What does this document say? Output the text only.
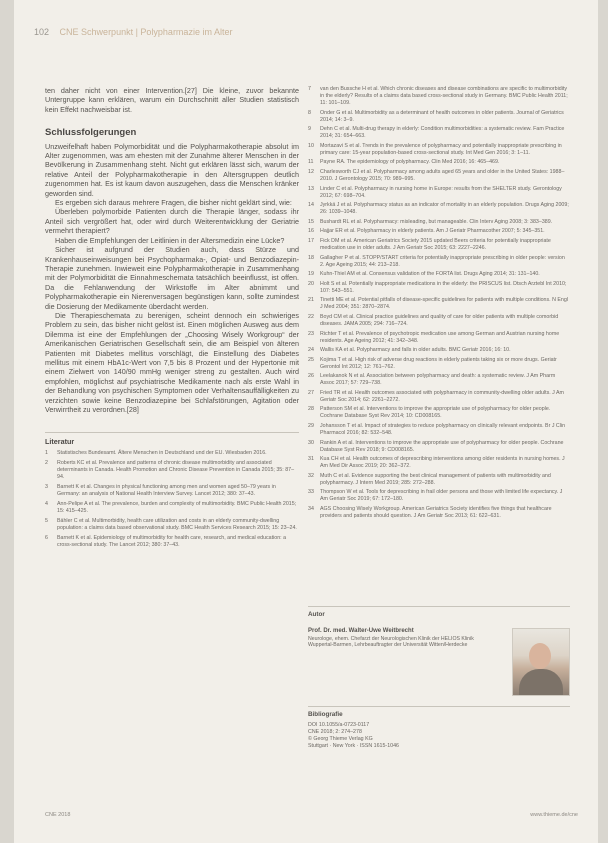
102 CNE Schwerpunkt | Polypharmazie im Alter

ten daher nicht von einer Intervention.[27] Die kleine, zuvor bekannte Untergruppe kann erklären, warum ein Durchschnitt aller Studien statistisch kein Effekt nachweisbar ist.

Schlussfolgerungen

Unzweifelhaft haben Polymorbidität und die Polypharmakotherapie absolut im Alter zugenommen, was am ehesten mit der Zunahme älterer Menschen in der Bevölkerung in Zusammenhang steht. Nicht gut erklären lässt sich, warum der relative Anteil der Polypharmakotherapie in den Altersgruppen deutlich zugenommen hat. Es ist kaum davon auszugehen, dass die Menschen kränker geworden sind.

Es ergeben sich daraus mehrere Fragen, die bisher nicht geklärt sind, wie:

Überleben polymorbide Patienten durch die Therapie länger, sodass ihr Anteil sich vergrößert hat, oder wird durch Weiterentwicklung der Geriatrie vermehrt therapiert?

Haben die Empfehlungen der Leitlinien in der Altersmedizin eine Lücke?

Sicher ist aufgrund der Studien auch, dass Stürze und Krankenhauseinweisungen bei Psychopharmaka-, Opiat- und Benzodiazepin-Therapie zunehmen. Inwieweit eine Polypharmakotherapie in Zusammenhang mit der Polymorbidität die Einnahmeschemata tatsächlich beeinflusst, ist offen. Da die Fehlanwendung der Wirkstoffe im Alter abnimmt und Polypharmakotherapie ein Nierenversagen begünstigen kann, sollte zumindest die Dosierung der Medikamente überdacht werden.

Die Therapieschemata zu berenigen, scheint dennoch ein schwieriges Problem zu sein, das bisher nicht gelöst ist. Einen möglichen Ausweg aus dem Dilemma ist eine der Empfehlungen der „Choosing Wisely Workgroup“ der Amerikanischen Geriatrischen Gesellschaft sein, die am Beispiel von älteren Patienten mit Diabetes mellitus vorschlägt, die Einstellung des Diabetes mellitus mit einem HbA1c-Wert von 7,5 bis 8 Prozent und der Hypertonie mit einem Zielwert von 140/90 mmHg weniger streng zu gestalten. Auch wird empfohlen, möglichst auf psychiatrische Medikamente nach als erste Wahl in der Behandlung von psychischen Symptomen oder Verhaltensauffälligkeiten zu verzichten sowie keine Benzodiazepine bei Schlafstörungen, Agitation oder Verwirrtheit zu verordnen.[28]

Literatur
1 Statistisches Bundesamt. Ältere Menschen in Deutschland und der EU. Wiesbaden 2016.
2 Roberts KC et al. Prevalence and patterns of chronic disease multimorbidity and associated determinants in Canada. Health Promotion and Chronic Disease Prevention in Canada 2015; 35: 87–94.
3 Barnett K et al. Changes in physical functioning among men and women aged 50–79 years in Germany: an analysis of National Health Interview Survey. Lancet 2012; 380: 37–43.
4 Ann-Pelipe A et al. The prevalence, burden and complexity of multimorbidity. BMC Public Health 2015; 15: 415–425.
5 Bähler C et al. Multimorbidity, health care utilization and costs in an elderly community-dwelling population: a claims data based observational study. BMC Health Services Research 2015; 15: 23–24.
6 Barnett K et al. Epidemiology of multimorbidity for health care, research, and medical education: a cross-sectional study. The Lancet 2012; 380: 37–43.
7 van den Bussche H et al. Which chronic diseases and disease combinations are specific to multimorbidity in the elderly? Results of a claims data based cross-sectional study in Germany. BMC Public Health 2011; 11: 101–109.
8 Onder G et al. Multimorbidity as a determinant of health outcomes in older patients. Journal of Geriatrics 2014; 14: 3–9.
9 Dehn C et al. Multi-drug therapy in elderly: Condition multimorbidities: a systematic review. Fam Practice 2014; 31: 654–663.
10 Mortazavi S et al. Trends in the prevalence of polypharmacy and potentially inappropriate prescribing in primary care: 15-year population-based cross-sectional study. Int Med Gen 2016; 3: 1–11.
11 Payne RA. The epidemiology of polypharmacy. Clin Med 2016; 16: 465–469.
12 Charlesworth CJ et al. Polypharmacy among adults aged 65 years and older in the United States: 1988–2010. J Gerontology 2015; 70: 989–995.
13 Linder C et al. Polypharmacy in nursing home in Europe: results from the SHELTER study. Gerontology 2012; 67: 698–704.
14 Jyrkkä J et al. Polypharmacy status as an indicator of mortality in an elderly population. Drugs Aging 2009; 26: 1039–1048.
15 Bushardt RL et al. Polypharmacy: misleading, but manageable. Clin Interv Aging 2008; 3: 383–389.
16 Hajjar ER et al. Polypharmacy in elderly patients. Am J Geriatr Pharmacother 2007; 5: 345–351.
17 Fick DM et al. American Geriatrics Society 2015 updated Beers criteria for potentially inappropriate medication use in older adults. J Am Geriatr Soc 2015; 63: 2227–2246.
18 Gallagher P et al. STOPP/START criteria for potentially inappropriate prescribing in older people: version 2. Age Ageing 2015; 44: 213–218.
19 Kuhn-Thiel AM et al. Consensus validation of the FORTA list. Drugs Aging 2014; 31: 131–140.
20 Holt S et al. Potentially inappropriate medications in the elderly: the PRISCUS list. Dtsch Arztebl Int 2010; 107: 543–551.
21 Tinetti ME et al. Potential pitfalls of disease-specific guidelines for patients with multiple conditions. N Engl J Med 2004; 351: 2870–2874.
22 Boyd CM et al. Clinical practice guidelines and quality of care for older patients with multiple comorbid diseases. JAMA 2005; 294: 716–724.
23 Richter T et al. Prevalence of psychotropic medication use among German and Austrian nursing home residents. Age Ageing 2012; 41: 342–348.
24 Wallis KA et al. Polypharmacy and falls in older adults. BMC Geriatr 2016; 16: 10.
25 Kojima T et al. High risk of adverse drug reactions in elderly patients taking six or more drugs. Geriatr Gerontol Int 2012; 12: 761–762.
26 Leelakanok N et al. Association between polypharmacy and death: a systematic review. J Am Pharm Assoc 2017; 57: 729–738.
27 Fried TR et al. Health outcomes associated with polypharmacy in community-dwelling older adults. J Am Geriatr Soc 2014; 62: 2261–2272.
28 Patterson SM et al. Interventions to improve the appropriate use of polypharmacy for older people. Cochrane Database Syst Rev 2014; 10: CD008165.
29 Johansson T et al. Impact of strategies to reduce polypharmacy on clinically relevant endpoints. Br J Clin Pharmacol 2016; 82: 532–548.
30 Rankin A et al. Interventions to improve the appropriate use of polypharmacy for older people. Cochrane Database Syst Rev 2018; 9: CD008165.
31 Kua CH et al. Health outcomes of deprescribing interventions among older residents in nursing homes. J Am Med Dir Assoc 2019; 20: 362–372.
32 Muth C et al. Evidence supporting the best clinical management of patients with multimorbidity and polypharmacy. J Intern Med 2019; 285: 272–288.
33 Thompson W et al. Tools for deprescribing in frail older persons and those with limited life expectancy. J Am Geriatr Soc 2019; 67: 172–180.
34 AGS Choosing Wisely Workgroup. American Geriatrics Society identifies five things that healthcare providers and patients should question. J Am Geriatr Soc 2013; 61: 622–631.
Autor
Prof. Dr. med. Walter-Uwe Weitbrecht
Neurologe, ehem. Chefarzt der Neurologischen Klinik der HELIOS Klinik Wuppertal-Barmen, Lehrbeauftragter der Universität Witten/Herdecke
Bibliografie
DOI 10.1055/a-0723-0117
CNE 2018; 2: 274–278
© Georg Thieme Verlag KG
Stuttgart · New York · ISSN 1615-1046
CNE 2018	www.thieme.de/cne
